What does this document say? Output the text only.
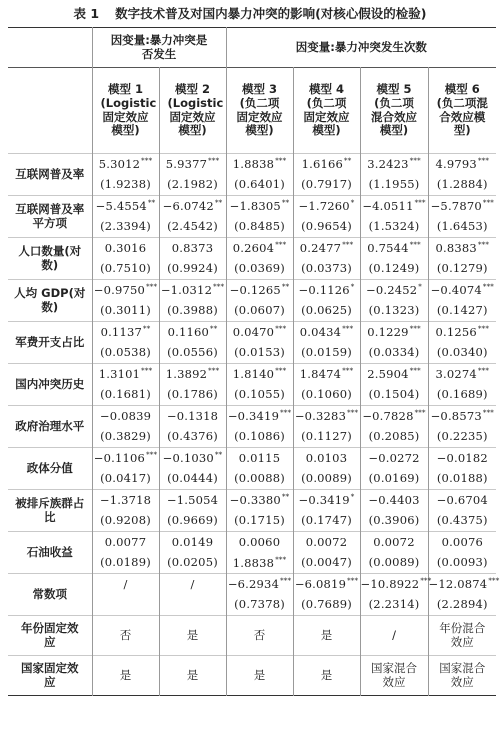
表 1 数字技术普及对国内暴力冲突的影响(对核心假设的检验)
	因变量:暴力冲突是否发生		因变量:暴力冲突发生次数			
	模型 1 (Logistic固定效应模型)	模型 2 (Logistic固定效应模型)	模型 3 (负二项固定效应模型)	模型 4 (负二项固定效应模型)	模型 5 (负二项混合效应模型)	模型 6 (负二项混合效应模型)
互联网普及率	5.3012***	5.9377***	1.8838***	1.6166**	3.2423***	4.9793***
	(1.9238)	(2.1982)	(0.6401)	(0.7917)	(1.1955)	(1.2884)
互联网普及率平方项	−5.4554**	−6.0742**	−1.8305**	−1.7260*	−4.0511***	−5.7870***
	(2.3394)	(2.4542)	(0.8485)	(0.9654)	(1.5324)	(1.6453)
人口数量(对数)	0.3016	0.8373	0.2604***	0.2477***	0.7544***	0.8383***
	(0.7510)	(0.9924)	(0.0369)	(0.0373)	(0.1249)	(0.1279)
人均 GDP(对数)	−0.9750***	−1.0312***	−0.1265**	−0.1126*	−0.2452*	−0.4074***
	(0.3011)	(0.3988)	(0.0607)	(0.0625)	(0.1323)	(0.1427)
军费开支占比	0.1137**	0.1160**	0.0470***	0.0434***	0.1229***	0.1256***
	(0.0538)	(0.0556)	(0.0153)	(0.0159)	(0.0334)	(0.0340)
国内冲突历史	1.3101***	1.3892***	1.8140***	1.8474***	2.5904***	3.0274***
	(0.1681)	(0.1786)	(0.1055)	(0.1060)	(0.1504)	(0.1689)
政府治理水平	−0.0839	−0.1318	−0.3419***	−0.3283***	−0.7828***	−0.8573***
	(0.3829)	(0.4376)	(0.1086)	(0.1127)	(0.2085)	(0.2235)
政体分值	−0.1106***	−0.1030**	0.0115	0.0103	−0.0272	−0.0182
	(0.0417)	(0.0444)	(0.0088)	(0.0089)	(0.0169)	(0.0188)
被排斥族群占比	−1.3718	−1.5054	−0.3380**	−0.3419*	−0.4403	−0.6704
	(0.9208)	(0.9669)	(0.1715)	(0.1747)	(0.3906)	(0.4375)
石油收益	0.0077	0.0149	0.0060	0.0072	0.0072	0.0076
	(0.0189)	(0.0205)	1.8838***	(0.0047)	(0.0089)	(0.0093)
常数项	/	/	−6.2934***	−6.0819***	−10.8922***	−12.0874***
			(0.7378)	(0.7689)	(2.2314)	(2.2894)
年份固定效应	否	是	否	是	/	年份混合效应
国家固定效应	是	是	是	是	国家混合效应	国家混合效应
